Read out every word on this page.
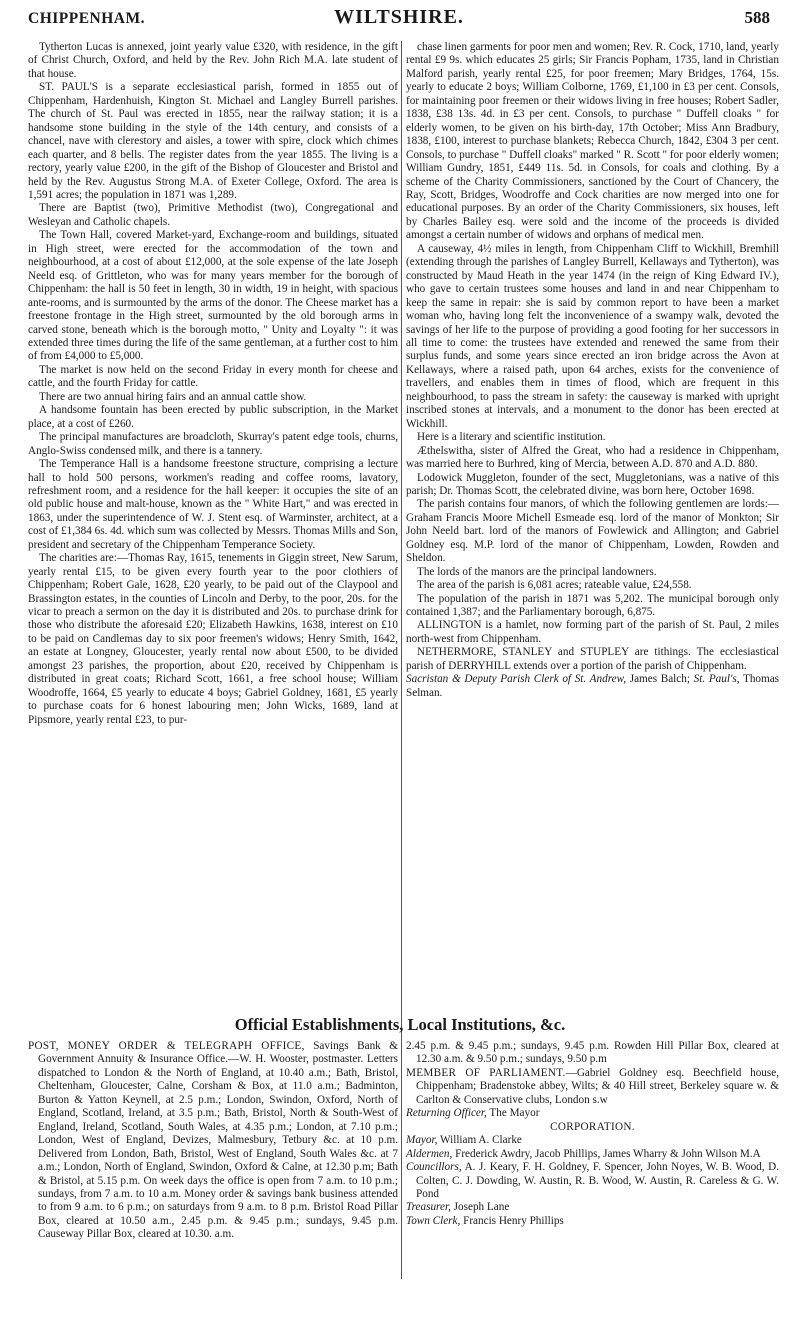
CHIPPENHAM.	WILTSHIRE.	588

Tytherton Lucas is annexed, joint yearly value £320, with residence, in the gift of Christ Church, Oxford, and held by the Rev. John Rich M.A. late student of that house.

ST. PAUL'S is a separate ecclesiastical parish, formed in 1855 out of Chippenham, Hardenhuish, Kington St. Michael and Langley Burrell parishes. The church of St. Paul was erected in 1855, near the railway station; it is a handsome stone building in the style of the 14th century, and consists of a chancel, nave with clerestory and aisles, a tower with spire, clock which chimes each quarter, and 8 bells. The register dates from the year 1855. The living is a rectory, yearly value £200, in the gift of the Bishop of Gloucester and Bristol and held by the Rev. Augustus Strong M.A. of Exeter College, Oxford. The area is 1,591 acres; the population in 1871 was 1,289.

There are Baptist (two), Primitive Methodist (two), Congregational and Wesleyan and Catholic chapels.

The Town Hall, covered Market-yard, Exchange-room and buildings, situated in High street, were erected for the accommodation of the town and neighbourhood, at a cost of about £12,000, at the sole expense of the late Joseph Neeld esq. of Grittleton, who was for many years member for the borough of Chippenham: the hall is 50 feet in length, 30 in width, 19 in height, with spacious ante-rooms, and is surmounted by the arms of the donor. The Cheese market has a freestone frontage in the High street, surmounted by the old borough arms in carved stone, beneath which is the borough motto, " Unity and Loyalty ": it was extended three times during the life of the same gentleman, at a further cost to him of from £4,000 to £5,000.

The market is now held on the second Friday in every month for cheese and cattle, and the fourth Friday for cattle.

There are two annual hiring fairs and an annual cattle show.

A handsome fountain has been erected by public subscription, in the Market place, at a cost of £260.

The principal manufactures are broadcloth, Skurray's patent edge tools, churns, Anglo-Swiss condensed milk, and there is a tannery.

The Temperance Hall is a handsome freestone structure, comprising a lecture hall to hold 500 persons, workmen's reading and coffee rooms, lavatory, refreshment room, and a residence for the hall keeper: it occupies the site of an old public house and malt-house, known as the " White Hart," and was erected in 1863, under the superintendence of W. J. Stent esq. of Warminster, architect, at a cost of £1,384 6s. 4d. which sum was collected by Messrs. Thomas Mills and Son, president and secretary of the Chippenham Temperance Society.

The charities are:—Thomas Ray, 1615, tenements in Giggin street, New Sarum, yearly rental £15, to be given every fourth year to the poor clothiers of Chippenham; Robert Gale, 1628, £20 yearly, to be paid out of the Claypool and Brassington estates, in the counties of Lincoln and Derby, to the poor, 20s. for the vicar to preach a sermon on the day it is distributed and 20s. to purchase drink for those who distribute the aforesaid £20; Elizabeth Hawkins, 1638, interest on £10 to be paid on Candlemas day to six poor freemen's widows; Henry Smith, 1642, an estate at Longney, Gloucester, yearly rental now about £500, to be divided amongst 23 parishes, the proportion, about £20, received by Chippenham is distributed in great coats; Richard Scott, 1661, a free school house; William Woodroffe, 1664, £5 yearly to educate 4 boys; Gabriel Goldney, 1681, £5 yearly to purchase coats for 6 honest labouring men; John Wicks, 1689, land at Pipsmore, yearly rental £23, to pur-

chase linen garments for poor men and women; Rev. R. Cock, 1710, land, yearly rental £9 9s. which educates 25 girls; Sir Francis Popham, 1735, land in Christian Malford parish, yearly rental £25, for poor freemen; Mary Bridges, 1764, 15s. yearly to educate 2 boys; William Colborne, 1769, £1,100 in £3 per cent. Consols, for maintaining poor freemen or their widows living in free houses; Robert Sadler, 1838, £38 13s. 4d. in £3 per cent. Consols, to purchase " Duffell cloaks " for elderly women, to be given on his birth-day, 17th October; Miss Ann Bradbury, 1838, £100, interest to purchase blankets; Rebecca Church, 1842, £304 3 per cent. Consols, to purchase " Duffell cloaks" marked " R. Scott " for poor elderly women; William Gundry, 1851, £449 11s. 5d. in Consols, for coals and clothing. By a scheme of the Charity Commissioners, sanctioned by the Court of Chancery, the Ray, Scott, Bridges, Woodroffe and Cock charities are now merged into one for educational purposes. By an order of the Charity Commissioners, six houses, left by Charles Bailey esq. were sold and the income of the proceeds is divided amongst a certain number of widows and orphans of medical men.

A causeway, 4½ miles in length, from Chippenham Cliff to Wickhill, Bremhill (extending through the parishes of Langley Burrell, Kellaways and Tytherton), was constructed by Maud Heath in the year 1474 (in the reign of King Edward IV.), who gave to certain trustees some houses and land in and near Chippenham to keep the same in repair: she is said by common report to have been a market woman who, having long felt the inconvenience of a swampy walk, devoted the savings of her life to the purpose of providing a good footing for her successors in all time to come: the trustees have extended and renewed the same from their surplus funds, and some years since erected an iron bridge across the Avon at Kellaways, where a raised path, upon 64 arches, exists for the convenience of travellers, and enables them in times of flood, which are frequent in this neighbourhood, to pass the stream in safety: the causeway is marked with upright inscribed stones at intervals, and a monument to the donor has been erected at Wickhill.

Here is a literary and scientific institution.

Æthelswitha, sister of Alfred the Great, who had a residence in Chippenham, was married here to Burhred, king of Mercia, between A.D. 870 and A.D. 880.

Lodowick Muggleton, founder of the sect, Muggletonians, was a native of this parish; Dr. Thomas Scott, the celebrated divine, was born here, October 1698.

The parish contains four manors, of which the following gentlemen are lords:—Graham Francis Moore Michell Esmeade esq. lord of the manor of Monkton; Sir John Neeld bart. lord of the manors of Fowlewick and Allington; and Gabriel Goldney esq. M.P. lord of the manor of Chippenham, Lowden, Rowden and Sheldon.

The lords of the manors are the principal landowners.

The area of the parish is 6,081 acres; rateable value, £24,558.

The population of the parish in 1871 was 5,202. The municipal borough only contained 1,387; and the Parliamentary borough, 6,875.

ALLINGTON is a hamlet, now forming part of the parish of St. Paul, 2 miles north-west from Chippenham.

NETHERMORE, STANLEY and STUPLEY are tithings. The ecclesiastical parish of DERRYHILL extends over a portion of the parish of Chippenham.

Sacristan & Deputy Parish Clerk of St. Andrew, James Balch; St. Paul's, Thomas Selman.

Official Establishments, Local Institutions, &c.

POST, MONEY ORDER & TELEGRAPH OFFICE, Savings Bank & Government Annuity & Insurance Office.—W. H. Wooster, postmaster. Letters dispatched to London & the North of England, at 10.40 a.m.; Bath, Bristol, Cheltenham, Gloucester, Calne, Corsham & Box, at 11.0 a.m.; Badminton, Burton & Yatton Keynell, at 2.5 p.m.; London, Swindon, Oxford, North of England, Scotland, Ireland, at 3.5 p.m.; Bath, Bristol, North & South-West of England, Ireland, Scotland, South Wales, at 4.35 p.m.; London, at 7.10 p.m.; London, West of England, Devizes, Malmesbury, Tetbury &c. at 10 p.m. Delivered from London, Bath, Bristol, West of England, South Wales &c. at 7 a.m.; London, North of England, Swindon, Oxford & Calne, at 12.30 p.m; Bath & Bristol, at 5.15 p.m. On week days the office is open from 7 a.m. to 10 p.m.; sundays, from 7 a.m. to 10 a.m. Money order & savings bank business attended to from 9 a.m. to 6 p.m.; on saturdays from 9 a.m. to 8 p.m. Bristol Road Pillar Box, cleared at 10.50 a.m., 2.45 p.m. & 9.45 p.m.; sundays, 9.45 p.m. Causeway Pillar Box, cleared at 10.30. a.m.

2.45 p.m. & 9.45 p.m.; sundays, 9.45 p.m. Rowden Hill Pillar Box, cleared at 12.30 a.m. & 9.50 p.m.; sundays, 9.50 p.m

MEMBER OF PARLIAMENT.—Gabriel Goldney esq. Beechfield house, Chippenham; Bradenstoke abbey, Wilts; & 40 Hill street, Berkeley square w. & Carlton & Conservative clubs, London s.w

Returning Officer, The Mayor

CORPORATION.

Mayor, William A. Clarke

Aldermen, Frederick Awdry, Jacob Phillips, James Wharry & John Wilson M.A

Councillors, A. J. Keary, F. H. Goldney, F. Spencer, John Noyes, W. B. Wood, D. Colten, C. J. Dowding, W. Austin, R. B. Wood, W. Austin, R. Careless & G. W. Pond

Treasurer, Joseph Lane

Town Clerk, Francis Henry Phillips
